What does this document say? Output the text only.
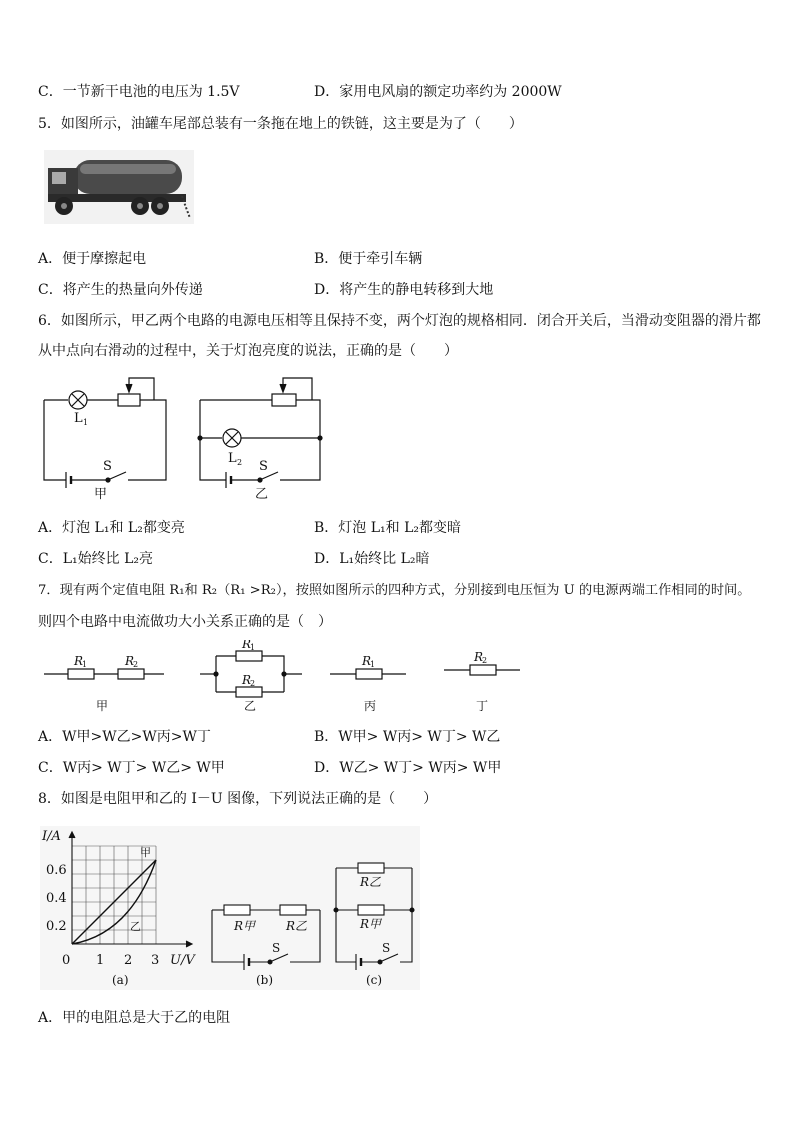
C．一节新干电池的电压为 1.5V	D．家用电风扇的额定功率约为 2000W
5．如图所示，油罐车尾部总装有一条拖在地上的铁链，这主要是为了（　　）
A．便于摩擦起电	B．便于牵引车辆
C．将产生的热量向外传递	D．将产生的静电转移到大地
6．如图所示，甲乙两个电路的电源电压相等且保持不变，两个灯泡的规格相同．闭合开关后，当滑动变阻器的滑片都
从中点向右滑动的过程中，关于灯泡亮度的说法，正确的是（　　）
L 1
S
甲
L 2 S
乙
A．灯泡 L₁和 L₂都变亮	B．灯泡 L₁和 L₂都变暗
C．L₁始终比 L₂亮	D．L₁始终比 L₂暗
7．现有两个定值电阻 R₁和 R₂（R₁ >R₂），按照如图所示的四种方式，分别接到电压恒为 U 的电源两端工作相同的时间。
则四个电路中电流做功大小关系正确的是（　）
R
1	R
2
甲
R
1
R
2
乙
R
1
丙
R
2
丁
A．W甲>W乙>W丙>W丁	B．W甲> W丙> W丁> W乙
C．W丙> W丁> W乙> W甲	D．W乙> W丁> W丙> W甲
8．如图是电阻甲和乙的 I－U 图像，下列说法正确的是（　　）
甲
乙
I/A
U/V
0.6
0.4
0.2
0 1 2 3
(a)
R甲	R乙
S
(b)
R乙
R甲
S
(c)
A．甲的电阻总是大于乙的电阻
